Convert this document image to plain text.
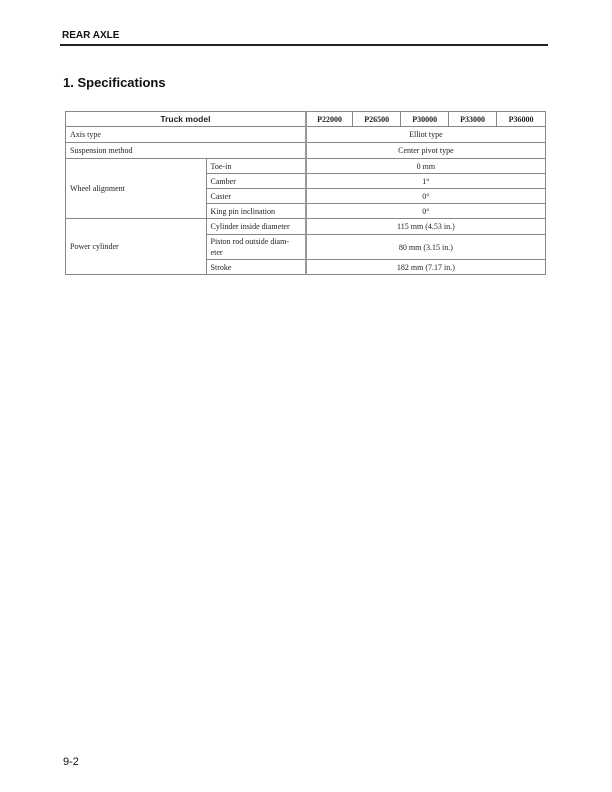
REAR AXLE
1. Specifications
Truck model		P22000	P26500	P30000	P33000	P36000
Axis type		Elliot type				
Suspension method		Center pivot type				
Wheel alignment	Toe-in	0 mm				
	Camber	1°				
	Caster	0°				
	King pin inclination	0°				
Power cylinder	Cylinder inside diameter	115 mm (4.53 in.)				
	Piston rod outside diam-eter	80 mm (3.15 in.)				
	Stroke	182 mm (7.17 in.)				
9-2
